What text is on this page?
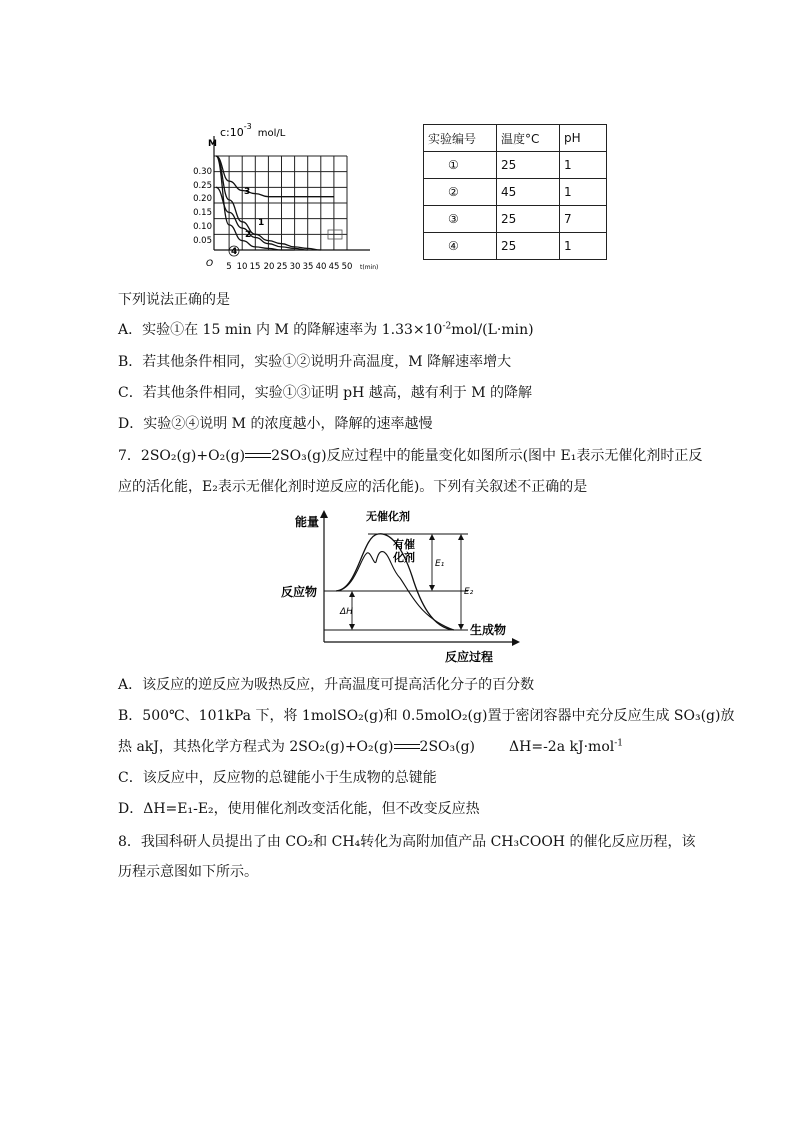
M
$c:10^{-3}mol/L$
0.30
0.25
0.20
0.15
0.10
0.05
O 5 10 15 20 25 30 35 40 45 50 t(min)
3
1
2
4
实验编号	温度°C	pH
①	25	1
②	45	1
③	25	7
④	25	1
下列说法正确的是
A．实验①在 15 min 内 M 的降解速率为 $1.33\times 10^{-2}mol/(L\cdot\min)$
B．若其他条件相同，实验①②说明升高温度，M 降解速率增大
C．若其他条件相同，实验①③证明 pH 越高，越有利于 M 的降解
D．实验②④说明 M 的浓度越小，降解的速率越慢
7．2SO₂(g)+O₂(g) 2SO₃(g)反应过程中的能量变化如图所示(图中 E₁表示无催化剂时正反
应的活化能，E₂表示无催化剂时逆反应的活化能)。下列有关叙述不正确的是
能量	无催化剂
有催
化剂
反应物
ΔH
E₁
E₂
生成物
反应过程
A．该反应的逆反应为吸热反应，升高温度可提高活化分子的百分数
B．500℃、101kPa 下，将 1molSO₂(g)和 0.5molO₂(g)置于密闭容器中充分反应生成 SO₃(g)放
热 akJ，其热化学方程式为 2SO₂(g)+O₂(g) 2SO₃(g) ΔH=-2a kJ·mol$^{-1}$
C．该反应中，反应物的总键能小于生成物的总键能
D．ΔH=E₁-E₂，使用催化剂改变活化能，但不改变反应热
8．我国科研人员提出了由 CO₂和 CH₄转化为高附加值产品 CH₃COOH 的催化反应历程，该
历程示意图如下所示。
